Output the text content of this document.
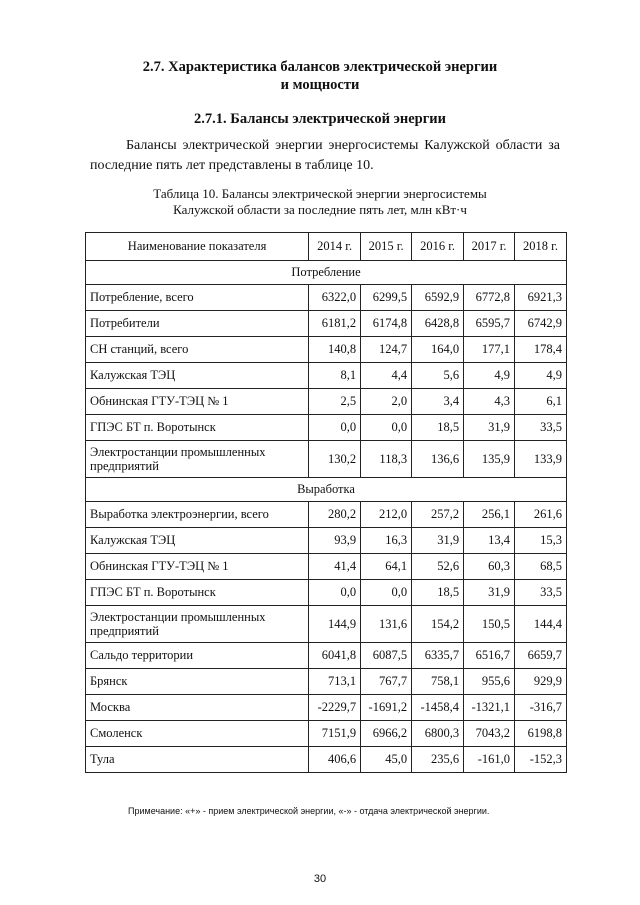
2.7. Характеристика балансов электрической энергии
и мощности
2.7.1. Балансы электрической энергии
Балансы электрической энергии энергосистемы Калужской области за последние пять лет представлены в таблице 10.
Таблица 10. Балансы электрической энергии энергосистемы
Калужской области за последние пять лет, млн кВт·ч
Наименование показателя	2014 г.	2015 г.	2016 г.	2017 г.	2018 г.
Потребление					
Потребление, всего	6322,0	6299,5	6592,9	6772,8	6921,3
Потребители	6181,2	6174,8	6428,8	6595,7	6742,9
СН станций, всего	140,8	124,7	164,0	177,1	178,4
Калужская ТЭЦ	8,1	4,4	5,6	4,9	4,9
Обнинская ГТУ-ТЭЦ № 1	2,5	2,0	3,4	4,3	6,1
ГПЭС БТ п. Воротынск	0,0	0,0	18,5	31,9	33,5
Электростанции промышленных предприятий	130,2	118,3	136,6	135,9	133,9
Выработка					
Выработка электроэнергии, всего	280,2	212,0	257,2	256,1	261,6
Калужская ТЭЦ	93,9	16,3	31,9	13,4	15,3
Обнинская ГТУ-ТЭЦ № 1	41,4	64,1	52,6	60,3	68,5
ГПЭС БТ п. Воротынск	0,0	0,0	18,5	31,9	33,5
Электростанции промышленных предприятий	144,9	131,6	154,2	150,5	144,4
Сальдо территории	6041,8	6087,5	6335,7	6516,7	6659,7
Брянск	713,1	767,7	758,1	955,6	929,9
Москва	-2229,7	-1691,2	-1458,4	-1321,1	-316,7
Смоленск	7151,9	6966,2	6800,3	7043,2	6198,8
Тула	406,6	45,0	235,6	-161,0	-152,3
Примечание: «+» - прием электрической энергии, «-» - отдача электрической энергии.
30
